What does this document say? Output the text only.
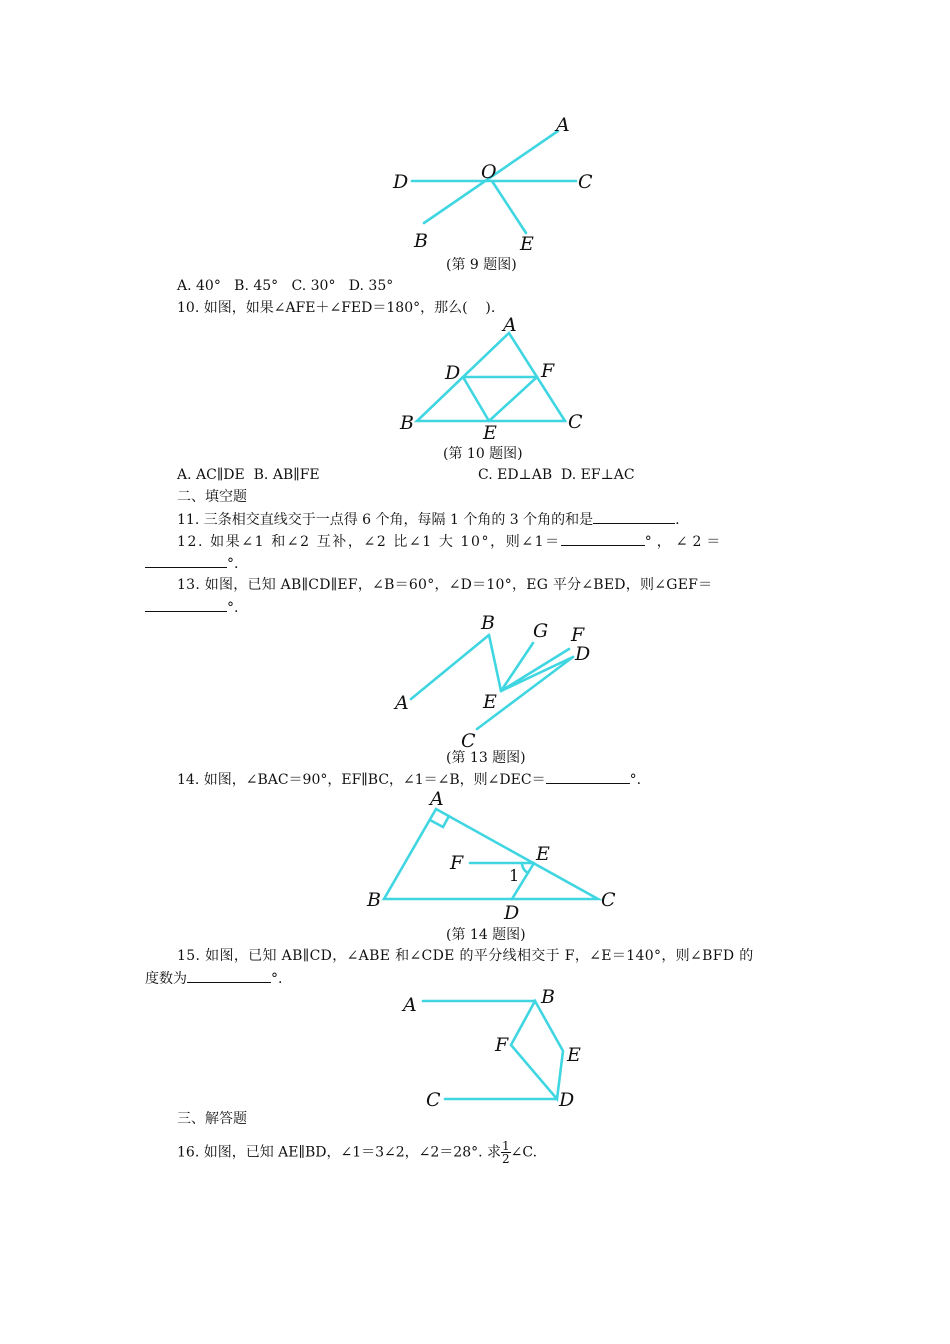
A
O
D	C
B	E
(第 9 题图)
A. 40°   B. 45°   C. 30°   D. 35°
10. 如图，如果∠AFE＋∠FED＝180°，那么(    ).
A
D	F
B	E	C
(第 10 题图)
A. AC∥DE  B. AB∥FE	C. ED⊥AB  D. EF⊥AC
二、填空题
11. 三条相交直线交于一点得 6 个角，每隔 1 个角的 3 个角的和是	.
12. 如果∠1 和∠2 互补，∠2 比∠1 大 10°，则∠1＝	°，∠2＝
°.
13. 如图，已知 AB∥CD∥EF，∠B＝60°，∠D＝10°，EG 平分∠BED，则∠GEF＝
°.
A
B G F
D
E
C
(第 13 题图)
14. 如图，∠BAC＝90°，EF∥BC，∠1＝∠B，则∠DEC＝	°.
A
F	E
1
B
D
C
(第 14 题图)
15. 如图，已知 AB∥CD，∠ABE 和∠CDE 的平分线相交于 F，∠E＝140°，则∠BFD 的
度数为	°.
A	B
F	E
C	D
三、解答题
16. 如图，已知 AE∥BD，∠1＝3∠2，∠2＝28°. 求 $\frac{1}{2}$ ∠C.
